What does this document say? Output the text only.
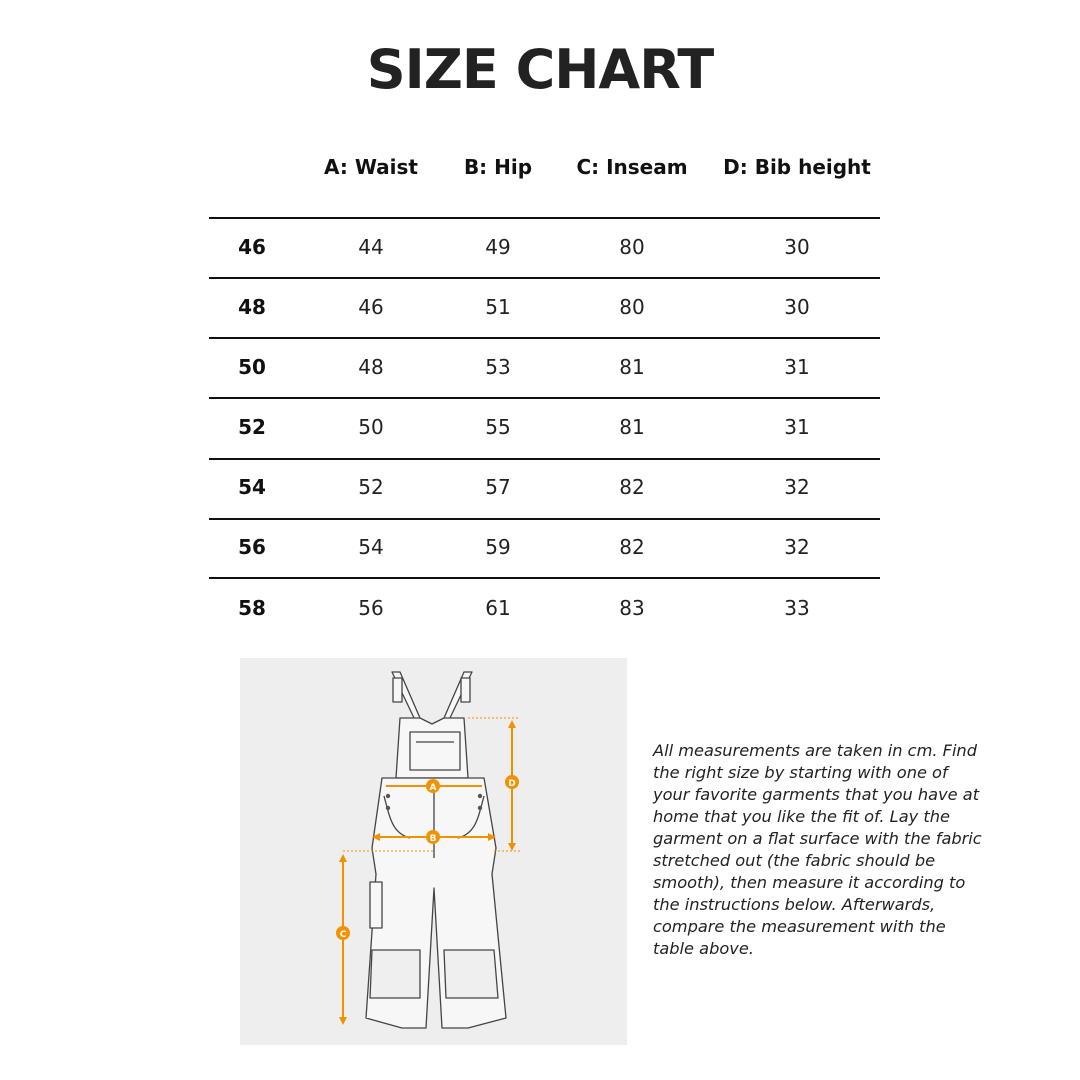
SIZE CHART
A: Waist B: Hip C: Inseam D: Bib height
46	44	49	80	30
48	46	51	80	30
50	48	53	81	31
52	50	55	81	31
54	52	57	82	32
56	54	59	82	32
58	56	61	83	33
A
B
C
D
All measurements are taken in cm. Find the right size by starting with one of your favorite garments that you have at home that you like the fit of. Lay the garment on a flat surface with the fabric stretched out (the fabric should be smooth), then measure it according to the instructions below. Afterwards, compare the measurement with the table above.
